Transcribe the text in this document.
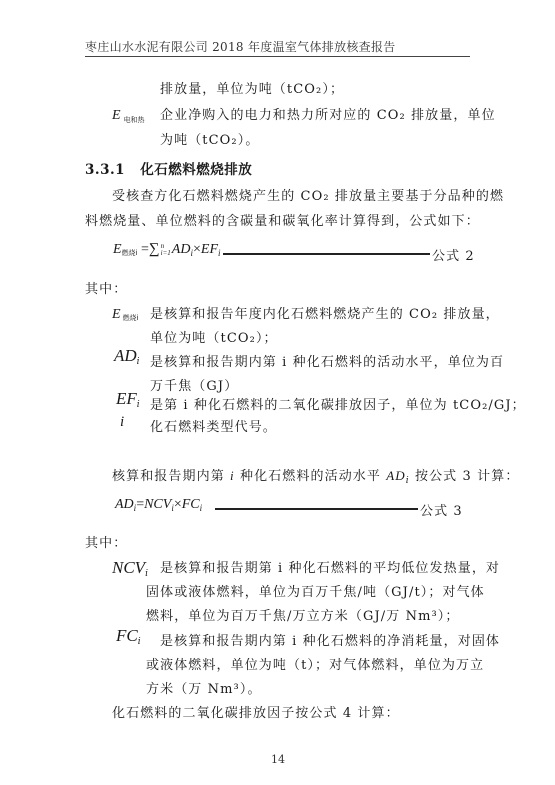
枣庄山水水泥有限公司 2018 年度温室气体排放核查报告
排放量，单位为吨（tCO₂）；
E电和热 企业净购入的电力和热力所对应的 CO₂ 排放量，单位
为吨（tCO₂）。
3.3.1 化石燃料燃烧排放
受核查方化石燃料燃烧产生的 CO₂ 排放量主要基于分品种的燃
料燃烧量、单位燃料的含碳量和碳氧化率计算得到，公式如下：
$E_{燃烧i} =\sum n$
$i=1AD_i\times EF_i$	公式 2
其中：
E燃烧i 是核算和报告年度内化石燃料燃烧产生的 CO₂ 排放量，
单位为吨（tCO₂）；
ADi 是核算和报告期内第 i 种化石燃料的活动水平，单位为百
万千焦（GJ）
EFi 是第 i 种化石燃料的二氧化碳排放因子，单位为 tCO₂/GJ；
i 化石燃料类型代号。
核算和报告期内第 i 种化石燃料的活动水平 $AD_i$ 按公式 3 计算：
$AD_i=NCV_i\times FC_i$	公式 3
其中：
NCVi 是核算和报告期第 i 种化石燃料的平均低位发热量，对
固体或液体燃料，单位为百万千焦/吨（GJ/t）；对气体
燃料，单位为百万千焦/万立方米（GJ/万 Nm³）；
FCi 是核算和报告期内第 i 种化石燃料的净消耗量，对固体
或液体燃料，单位为吨（t）；对气体燃料，单位为万立
方米（万 Nm³）。
化石燃料的二氧化碳排放因子按公式 4 计算：
14
